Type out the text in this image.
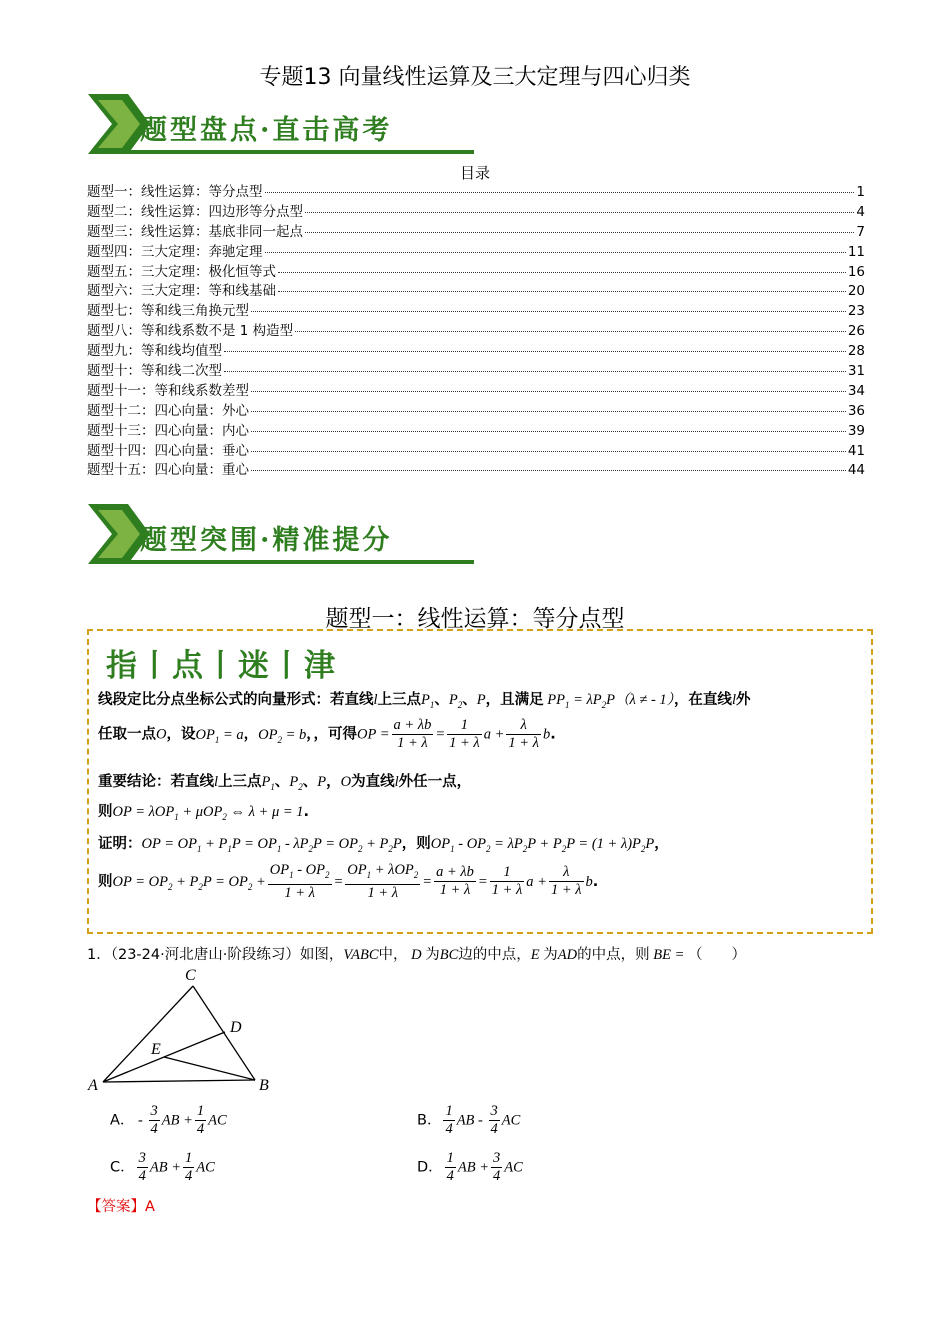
专题13 向量线性运算及三大定理与四心归类
题型盘点·直击高考
目录
题型一：线性运算：等分点型	1
题型二：线性运算：四边形等分点型	4
题型三：线性运算：基底非同一起点	7
题型四：三大定理：奔驰定理	11
题型五：三大定理：极化恒等式	16
题型六：三大定理：等和线基础	20
题型七：等和线三角换元型	23
题型八：等和线系数不是 1 构造型	26
题型九：等和线均值型	28
题型十：等和线二次型	31
题型十一：等和线系数差型	34
题型十二：四心向量：外心	36
题型十三：四心向量：内心	39
题型十四：四心向量：垂心	41
题型十五：四心向量：重心	44
题型突围·精准提分
题型一：线性运算：等分点型
指丨点丨迷丨津
线段定比分点坐标公式的向量形式：若直线l上三点$P_1$、$P_2$、P，且满足 $PP_1 = \lambda P_2P(\lambda$ ≠ - 1），在直线l外
任取一点O，设$OP_1 = a$，$OP_2 = b$，，可得OP = $\frac{a + \lambda b}{1 + \lambda} = \frac{1}{1 + \lambda}$ $a + \frac{\lambda}{1 + \lambda} b$.
重要结论：若直线l上三点$P_1$、$P_2$、P，O为直线l外任一点，
则OP = λOP$_1$ + μOP$_2$ ⇔ λ + μ = 1.
证明：OP = $OP_1 + P_1P = OP_1 - \lambda P_2P = OP_2 + P_2P$，则$OP_1 - OP_2 = \lambda P_2P + P_2P = (1 + \lambda)P_2P$，
则OP = $OP_2 + P_2P = OP_2 + \frac{OP_1 - OP_2}{1 + \lambda} = \frac{OP_1 + \lambda OP_2}{1 + \lambda} = \frac{a + \lambda b}{1 + \lambda} = \frac{1}{1 + \lambda}$ $a + \frac{\lambda}{1 + \lambda} b$.
1．（23-24·河北唐山·阶段练习）如图，VABC中， D 为BC边的中点，E 为AD的中点，则 BE = （　　）
A	B
C
D
E
A． - $\frac{3}{4}$ AB + $\frac{1}{4}$ AC	B． $\frac{1}{4}$ AB - $\frac{3}{4}$ AC
C． $\frac{3}{4}$ AB + $\frac{1}{4}$ AC	D． $\frac{1}{4}$ AB + $\frac{3}{4}$ AC
【答案】A
